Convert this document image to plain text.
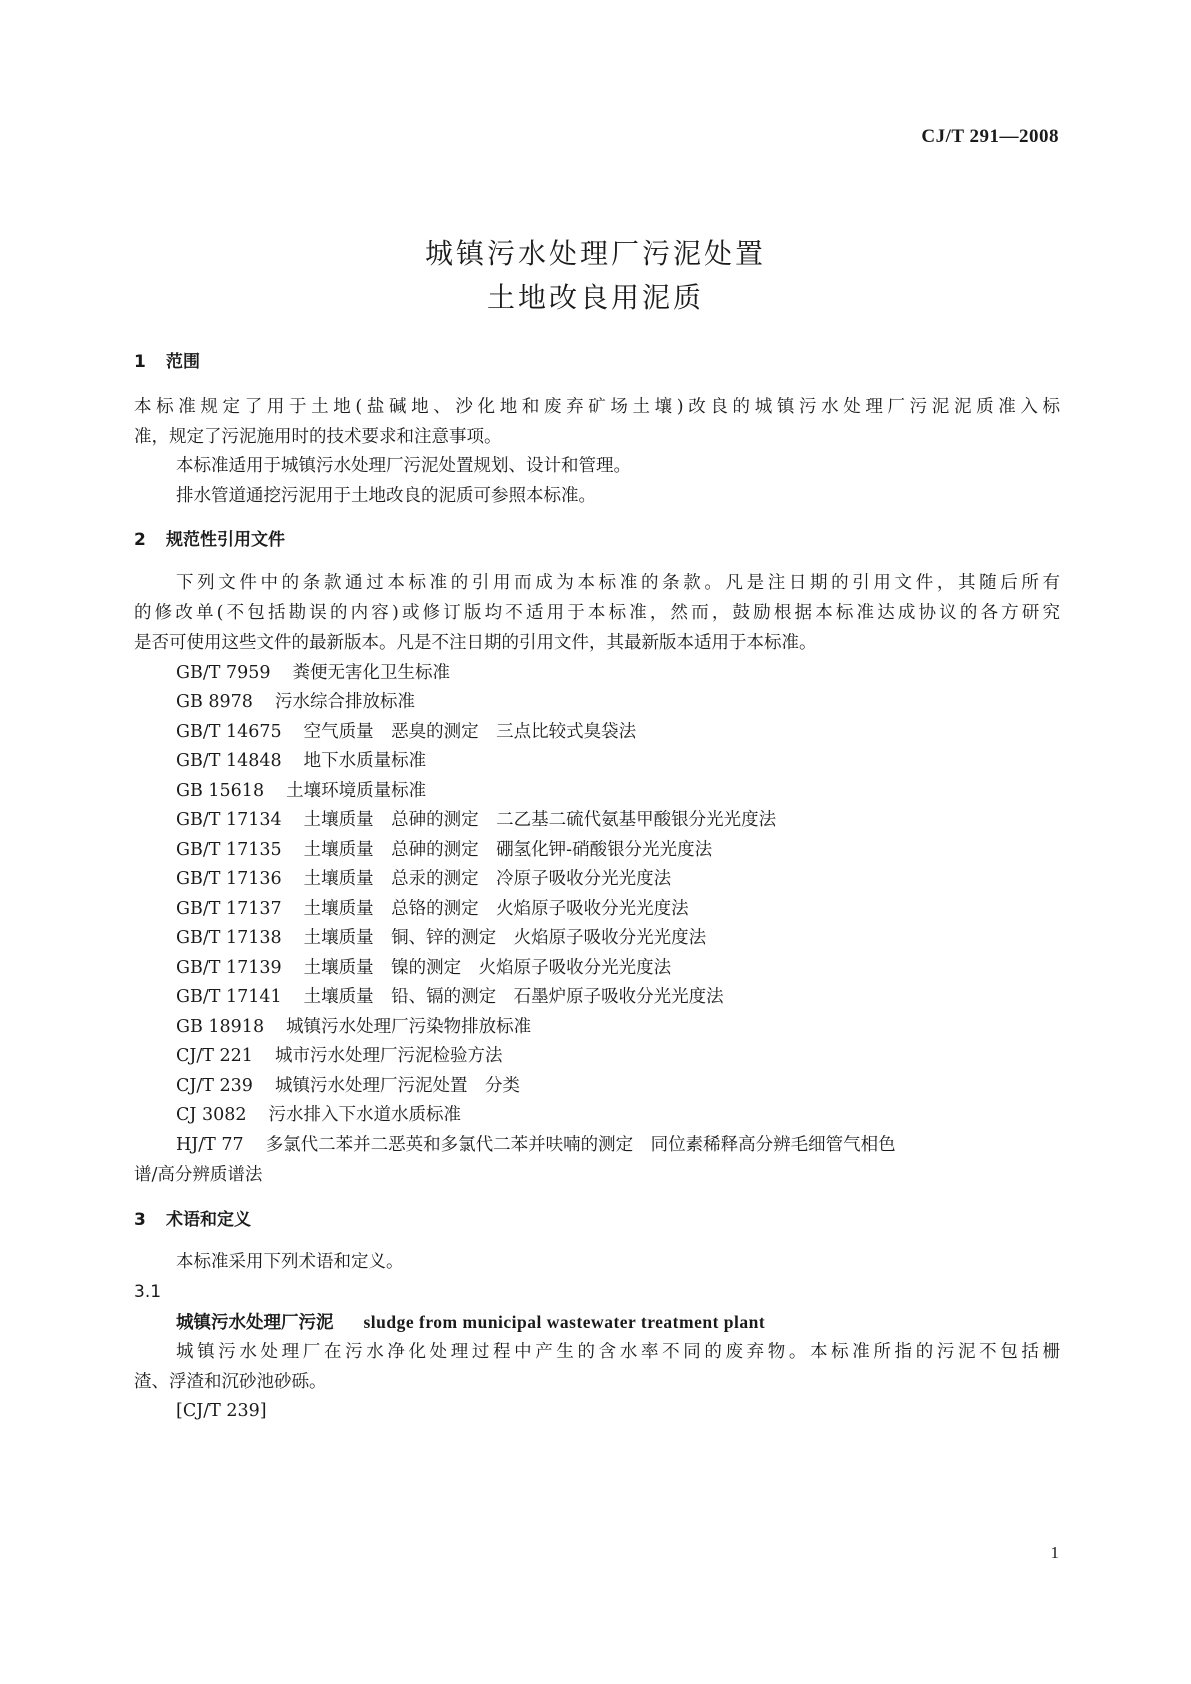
CJ/T 291—2008
城镇污水处理厂污泥处置
土地改良用泥质
1 范围
本标准规定了用于土地(盐碱地、沙化地和废弃矿场土壤)改良的城镇污水处理厂污泥泥质准入标
准，规定了污泥施用时的技术要求和注意事项。
本标准适用于城镇污水处理厂污泥处置规划、设计和管理。
排水管道通挖污泥用于土地改良的泥质可参照本标准。
2 规范性引用文件
下列文件中的条款通过本标准的引用而成为本标准的条款。凡是注日期的引用文件，其随后所有
的修改单(不包括勘误的内容)或修订版均不适用于本标准，然而，鼓励根据本标准达成协议的各方研究
是否可使用这些文件的最新版本。凡是不注日期的引用文件，其最新版本适用于本标准。
GB/T 7959 粪便无害化卫生标准
GB 8978 污水综合排放标准
GB/T 14675 空气质量　恶臭的测定　三点比较式臭袋法
GB/T 14848 地下水质量标准
GB 15618 土壤环境质量标准
GB/T 17134 土壤质量　总砷的测定　二乙基二硫代氨基甲酸银分光光度法
GB/T 17135 土壤质量　总砷的测定　硼氢化钾-硝酸银分光光度法
GB/T 17136 土壤质量　总汞的测定　冷原子吸收分光光度法
GB/T 17137 土壤质量　总铬的测定　火焰原子吸收分光光度法
GB/T 17138 土壤质量　铜、锌的测定　火焰原子吸收分光光度法
GB/T 17139 土壤质量　镍的测定　火焰原子吸收分光光度法
GB/T 17141 土壤质量　铅、镉的测定　石墨炉原子吸收分光光度法
GB 18918 城镇污水处理厂污染物排放标准
CJ/T 221 城市污水处理厂污泥检验方法
CJ/T 239 城镇污水处理厂污泥处置　分类
CJ 3082 污水排入下水道水质标准
HJ/T 77 多氯代二苯并二恶英和多氯代二苯并呋喃的测定　同位素稀释高分辨毛细管气相色
谱/高分辨质谱法
3 术语和定义
本标准采用下列术语和定义。
3.1
城镇污水处理厂污泥 sludge from municipal wastewater treatment plant
城镇污水处理厂在污水净化处理过程中产生的含水率不同的废弃物。本标准所指的污泥不包括栅
渣、浮渣和沉砂池砂砾。
[CJ/T 239]
1
